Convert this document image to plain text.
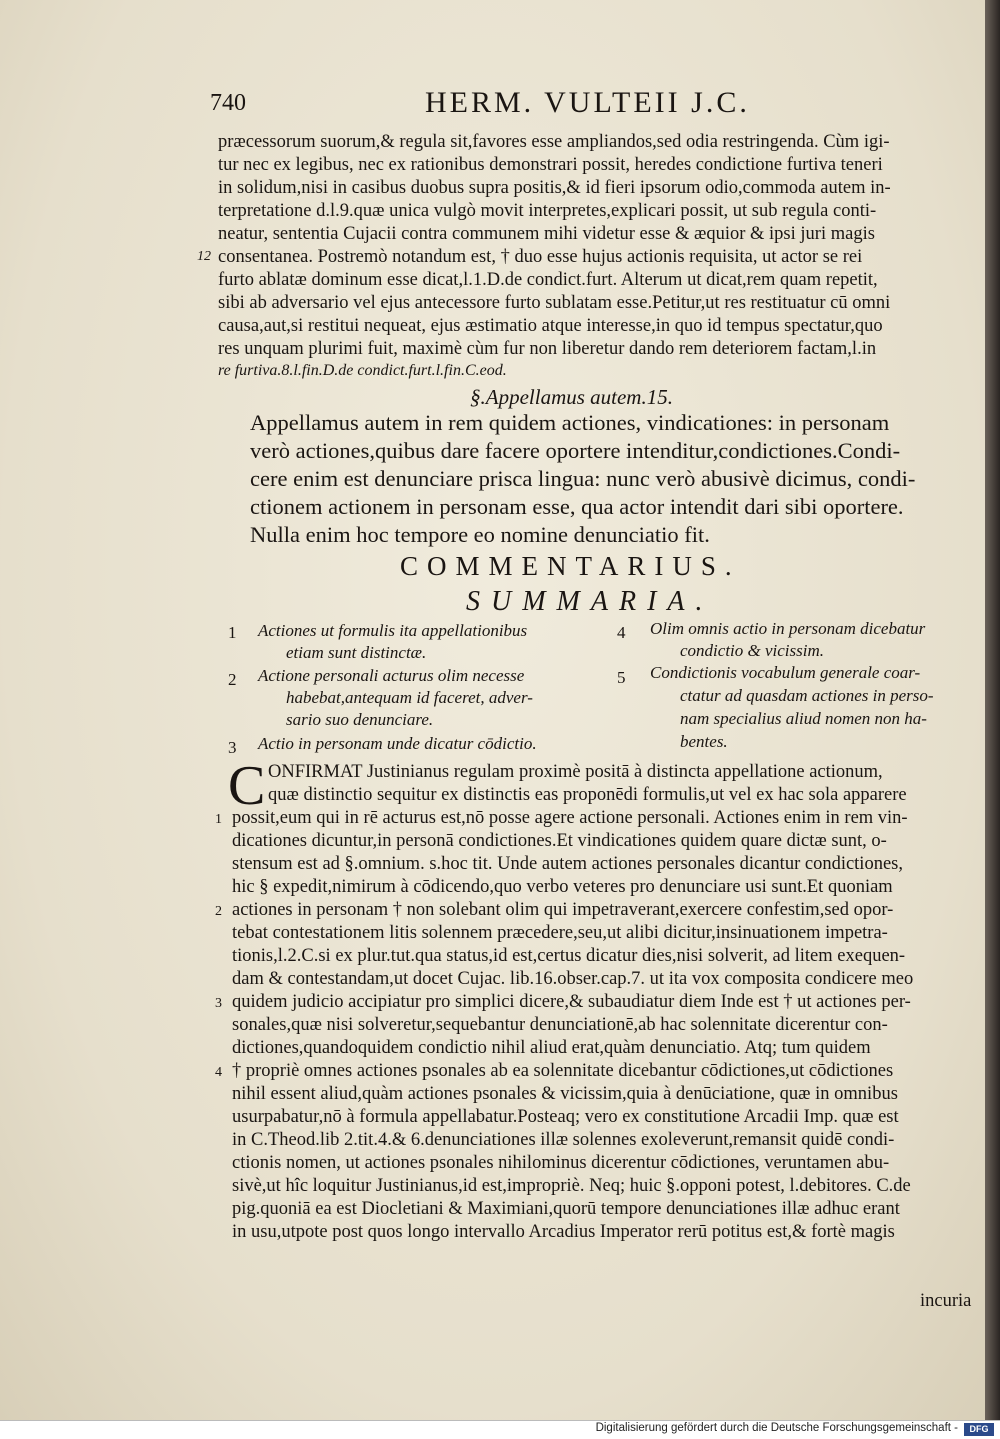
740	HERM. VULTEII J.C.
præcessorum suorum,& regula sit,favores esse ampliandos,sed odia restringenda. Cùm igi-
tur nec ex legibus, nec ex rationibus demonstrari possit, heredes condictione furtiva teneri
in solidum,nisi in casibus duobus supra positis,& id fieri ipsorum odio,commoda autem in-
terpretatione d.l.9.quæ unica vulgò movit interpretes,explicari possit, ut sub regula conti-
neatur, sententia Cujacii contra communem mihi videtur esse & æquior & ipsi juri magis
12 consentanea. Postremò notandum est, † duo esse hujus actionis requisita, ut actor se rei
furto ablatæ dominum esse dicat,l.1.D.de condict.furt. Alterum ut dicat,rem quam repetit,
sibi ab adversario vel ejus antecessore furto sublatam esse.Petitur,ut res restituatur cū omni
causa,aut,si restitui nequeat, ejus æstimatio atque interesse,in quo id tempus spectatur,quo
res unquam plurimi fuit, maximè cùm fur non liberetur dando rem deteriorem factam,l.in
re furtiva.8.l.fin.D.de condict.furt.l.fin.C.eod.
§.Appellamus autem.15.
Appellamus autem in rem quidem actiones, vindicationes: in personam
verò actiones,quibus dare facere oportere intenditur,condictiones.Condi-
cere enim est denunciare prisca lingua: nunc verò abusivè dicimus, condi-
ctionem actionem in personam esse, qua actor intendit dari sibi oportere.
Nulla enim hoc tempore eo nomine denunciatio fit.
COMMENTARIUS.
SUMMARIA.
1 Actiones ut formulis ita appellationibus
etiam sunt distinctæ.
2 Actione personali acturus olim necesse
habebat,antequam id faceret, adver-
sario suo denunciare.
3 Actio in personam unde dicatur cōdictio.
4 Olim omnis actio in personam dicebatur
condictio & vicissim.
5 Condictionis vocabulum generale coar-
ctatur ad quasdam actiones in perso-
nam specialius aliud nomen non ha-
bentes.
C ONFIRMAT Justinianus regulam proximè positā à distincta appellatione actionum,
quæ distinctio sequitur ex distinctis eas proponēdi formulis,ut vel ex hac sola apparere
1 possit,eum qui in rē acturus est,nō posse agere actione personali. Actiones enim in rem vin-
dicationes dicuntur,in personā condictiones.Et vindicationes quidem quare dictæ sunt, o-
stensum est ad §.omnium. s.hoc tit. Unde autem actiones personales dicantur condictiones,
hic § expedit,nimirum à cōdicendo,quo verbo veteres pro denunciare usi sunt.Et quoniam
2 actiones in personam † non solebant olim qui impetraverant,exercere confestim,sed opor-
tebat contestationem litis solennem præcedere,seu,ut alibi dicitur,insinuationem impetra-
tionis,l.2.C.si ex plur.tut.qua status,id est,certus dicatur dies,nisi solverit, ad litem exequen-
dam & contestandam,ut docet Cujac. lib.16.obser.cap.7. ut ita vox composita condicere meo
3 quidem judicio accipiatur pro simplici dicere,& subaudiatur diem Inde est † ut actiones per-
sonales,quæ nisi solveretur,sequebantur denunciationē,ab hac solennitate dicerentur con-
dictiones,quandoquidem condictio nihil aliud erat,quàm denunciatio. Atq; tum quidem
4 † propriè omnes actiones psonales ab ea solennitate dicebantur cōdictiones,ut cōdictiones
nihil essent aliud,quàm actiones psonales & vicissim,quia à denūciatione, quæ in omnibus
usurpabatur,nō à formula appellabatur.Posteaq; vero ex constitutione Arcadii Imp. quæ est
in C.Theod.lib 2.tit.4.& 6.denunciationes illæ solennes exoleverunt,remansit quidē condi-
ctionis nomen, ut actiones psonales nihilominus dicerentur cōdictiones, veruntamen abu-
sivè,ut hîc loquitur Justinianus,id est,impropriè. Neq; huic §.opponi potest, l.debitores. C.de
pig.quoniā ea est Diocletiani & Maximiani,quorū tempore denunciationes illæ adhuc erant
in usu,utpote post quos longo intervallo Arcadius Imperator rerū potitus est,& fortè magis
incuria
Digitalisierung gefördert durch die Deutsche Forschungsgemeinschaft -	DFG
